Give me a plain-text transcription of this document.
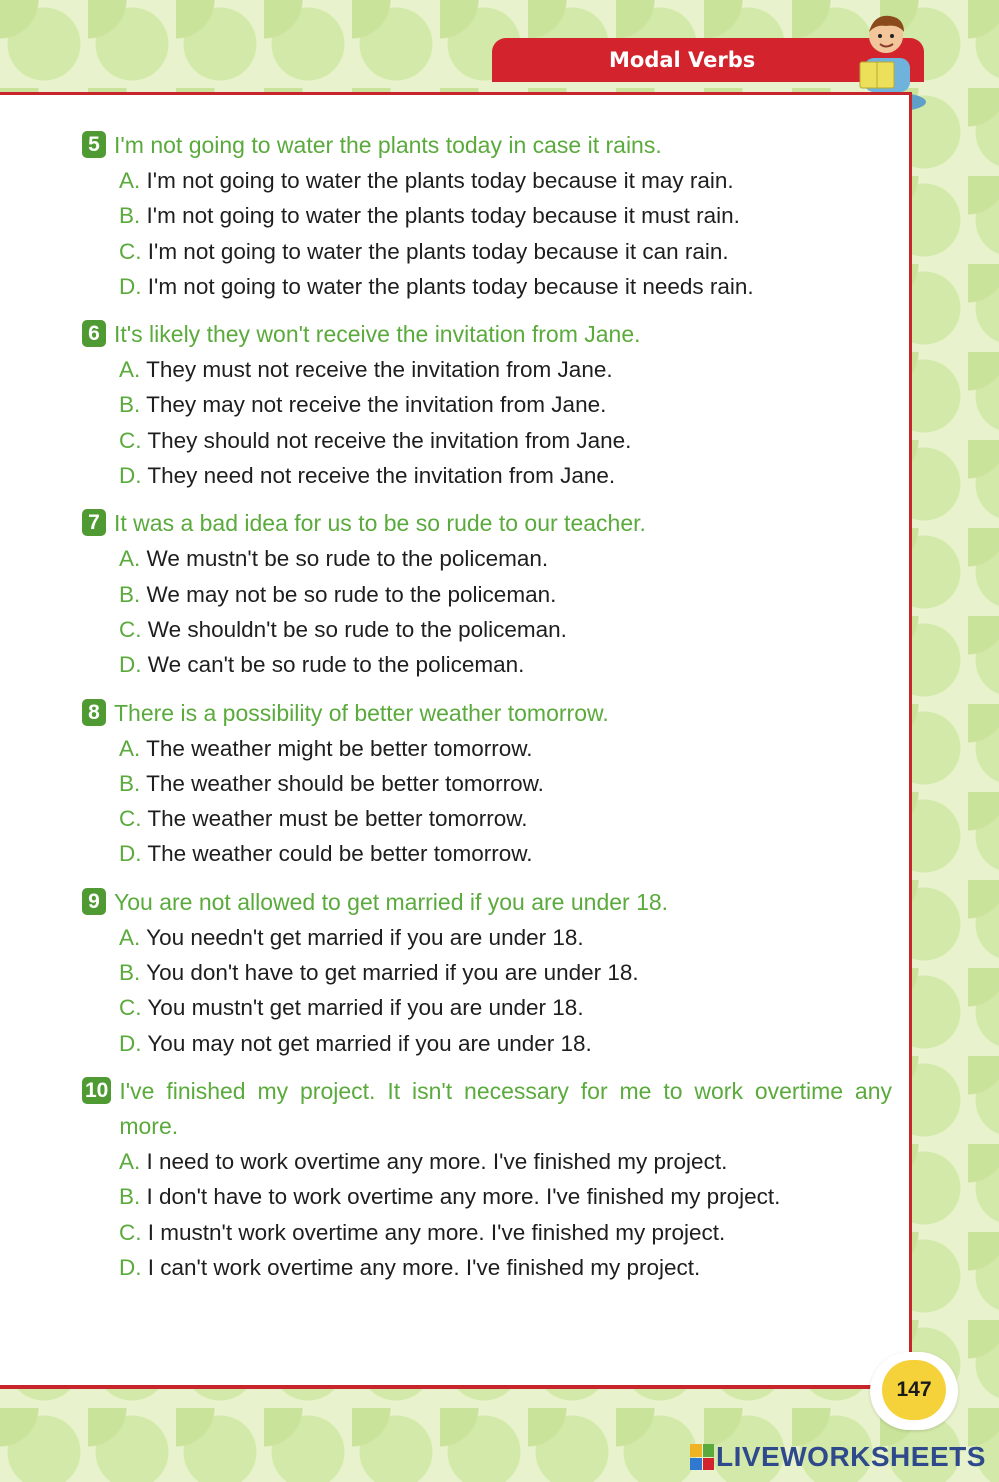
Modal Verbs
5 I'm not going to water the plants today in case it rains.
A. I'm not going to water the plants today because it may rain.
B. I'm not going to water the plants today because it must rain.
C. I'm not going to water the plants today because it can rain.
D. I'm not going to water the plants today because it needs rain.
6 It's likely they won't receive the invitation from Jane.
A. They must not receive the invitation from Jane.
B. They may not receive the invitation from Jane.
C. They should not receive the invitation from Jane.
D. They need not receive the invitation from Jane.
7 It was a bad idea for us to be so rude to our teacher.
A. We mustn't be so rude to the policeman.
B. We may not be so rude to the policeman.
C. We shouldn't be so rude to the policeman.
D. We can't be so rude to the policeman.
8 There is a possibility of better weather tomorrow.
A. The weather might be better tomorrow.
B. The weather should be better tomorrow.
C. The weather must be better tomorrow.
D. The weather could be better tomorrow.
9 You are not allowed to get married if you are under 18.
A. You needn't get married if you are under 18.
B. You don't have to get married if you are under 18.
C. You mustn't get married if you are under 18.
D. You may not get married if you are under 18.
10 I've finished my project. It isn't necessary for me to work overtime any more.
A. I need to work overtime any more. I've finished my project.
B. I don't have to work overtime any more. I've finished my project.
C. I mustn't work overtime any more. I've finished my project.
D. I can't work overtime any more. I've finished my project.
147
LIVEWORKSHEETS
